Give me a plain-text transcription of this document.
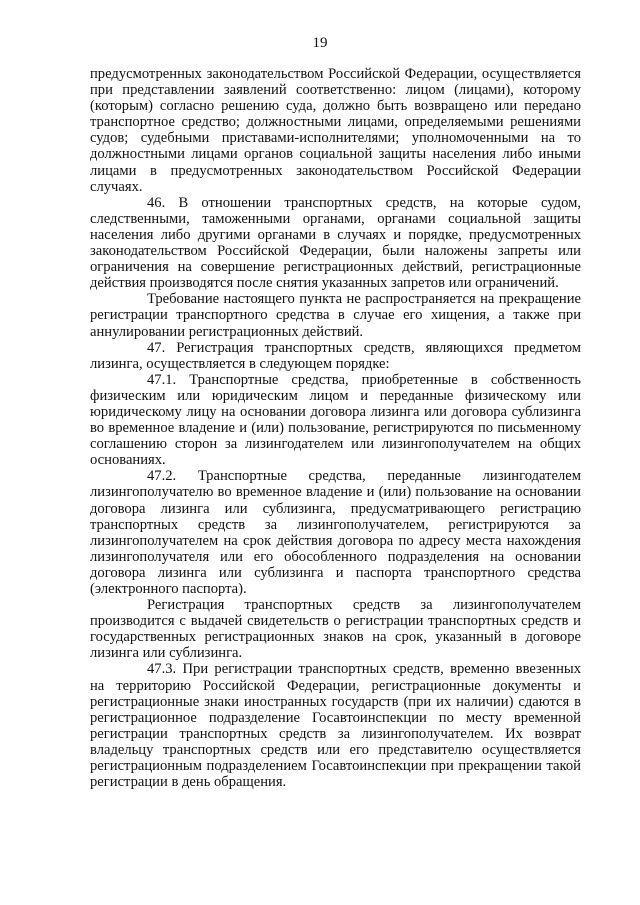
19

предусмотренных законодательством Российской Федерации, осуществляется при представлении заявлений соответственно: лицом (лицами), которому (которым) согласно решению суда, должно быть возвращено или передано транспортное средство; должностными лицами, определяемыми решениями судов; судебными приставами-исполнителями; уполномоченными на то должностными лицами органов социальной защиты населения либо иными лицами в предусмотренных законодательством Российской Федерации случаях.

46. В отношении транспортных средств, на которые судом, следственными, таможенными органами, органами социальной защиты населения либо другими органами в случаях и порядке, предусмотренных законодательством Российской Федерации, были наложены запреты или ограничения на совершение регистрационных действий, регистрационные действия производятся после снятия указанных запретов или ограничений.

Требование настоящего пункта не распространяется на прекращение регистрации транспортного средства в случае его хищения, а также при аннулировании регистрационных действий.

47. Регистрация транспортных средств, являющихся предметом лизинга, осуществляется в следующем порядке:

47.1. Транспортные средства, приобретенные в собственность физическим или юридическим лицом и переданные физическому или юридическому лицу на основании договора лизинга или договора сублизинга во временное владение и (или) пользование, регистрируются по письменному соглашению сторон за лизингодателем или лизингополучателем на общих основаниях.

47.2. Транспортные средства, переданные лизингодателем лизингополучателю во временное владение и (или) пользование на основании договора лизинга или сублизинга, предусматривающего регистрацию транспортных средств за лизингополучателем, регистрируются за лизингополучателем на срок действия договора по адресу места нахождения лизингополучателя или его обособленного подразделения на основании договора лизинга или сублизинга и паспорта транспортного средства (электронного паспорта).

Регистрация транспортных средств за лизингополучателем производится с выдачей свидетельств о регистрации транспортных средств и государственных регистрационных знаков на срок, указанный в договоре лизинга или сублизинга.

47.3. При регистрации транспортных средств, временно ввезенных на территорию Российской Федерации, регистрационные документы и регистрационные знаки иностранных государств (при их наличии) сдаются в регистрационное подразделение Госавтоинспекции по месту временной регистрации транспортных средств за лизингополучателем. Их возврат владельцу транспортных средств или его представителю осуществляется регистрационным подразделением Госавтоинспекции при прекращении такой регистрации в день обращения.
